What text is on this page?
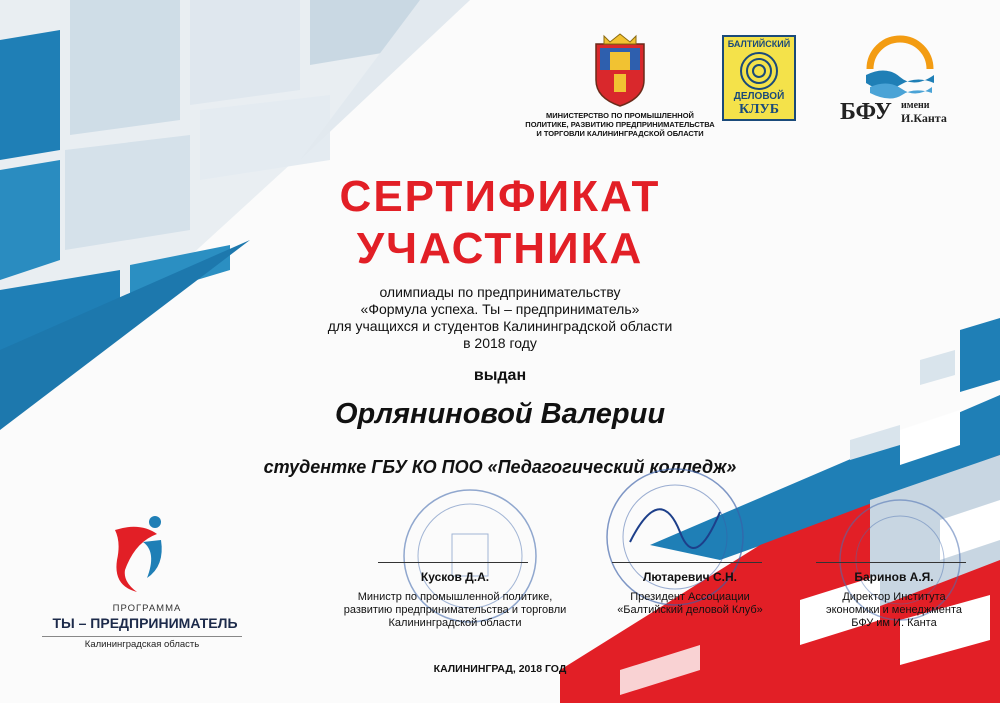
МИНИСТЕРСТВО ПО ПРОМЫШЛЕННОЙ
ПОЛИТИКЕ, РАЗВИТИЮ ПРЕДПРИНИМАТЕЛЬСТВА
И ТОРГОВЛИ КАЛИНИНГРАДСКОЙ ОБЛАСТИ
БАЛТИЙСКИЙ
ДЕЛОВОЙ
КЛУБ	БФУ имени
И.Канта
СЕРТИФИКАТ
УЧАСТНИКА
олимпиады по предпринимательству
«Формула успеха. Ты – предприниматель»
для учащихся и студентов Калининградской области
в 2018 году
выдан
Орляниновой Валерии
студентке ГБУ КО ПОО «Педагогический колледж»
Кусков Д.А.
Министр по промышленной политике,
развитию предпринимательства и торговли
Калининградской области
Лютаревич С.Н.
Президент Ассоциации
«Балтийский деловой Клуб»
Баринов А.Я.
Директор Института
экономики и менеджмента
БФУ им И. Канта
ПРОГРАММА
ТЫ – ПРЕДПРИНИМАТЕЛЬ
Калининградская область
КАЛИНИНГРАД, 2018 ГОД
